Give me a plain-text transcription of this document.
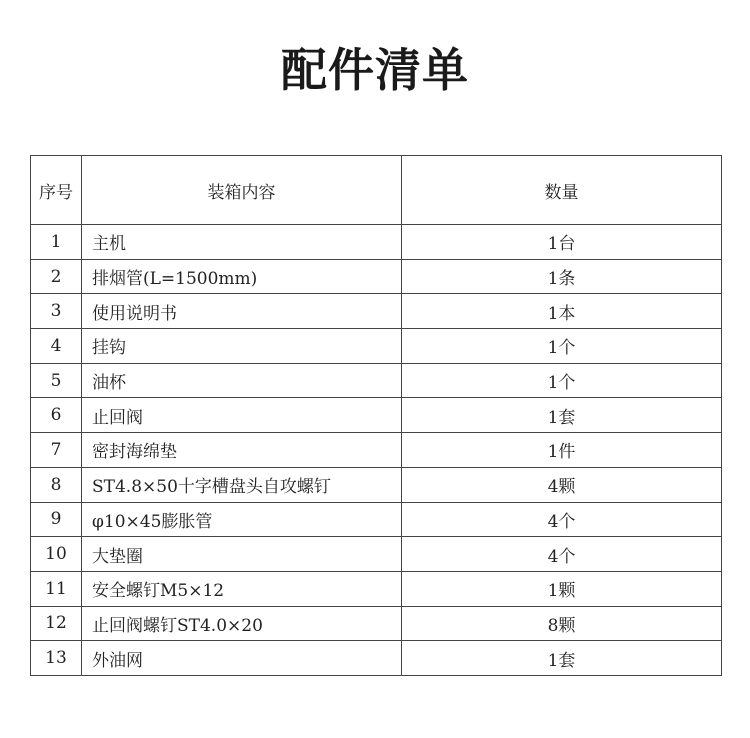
配件清单
序号	装箱内容	数量
1	主机	1台
2	排烟管(L=1500mm)	1条
3	使用说明书	1本
4	挂钩	1个
5	油杯	1个
6	止回阀	1套
7	密封海绵垫	1件
8	ST4.8×50十字槽盘头自攻螺钉	4颗
9	φ10×45膨胀管	4个
10	大垫圈	4个
11	安全螺钉M5×12	1颗
12	止回阀螺钉ST4.0×20	8颗
13	外油网	1套
